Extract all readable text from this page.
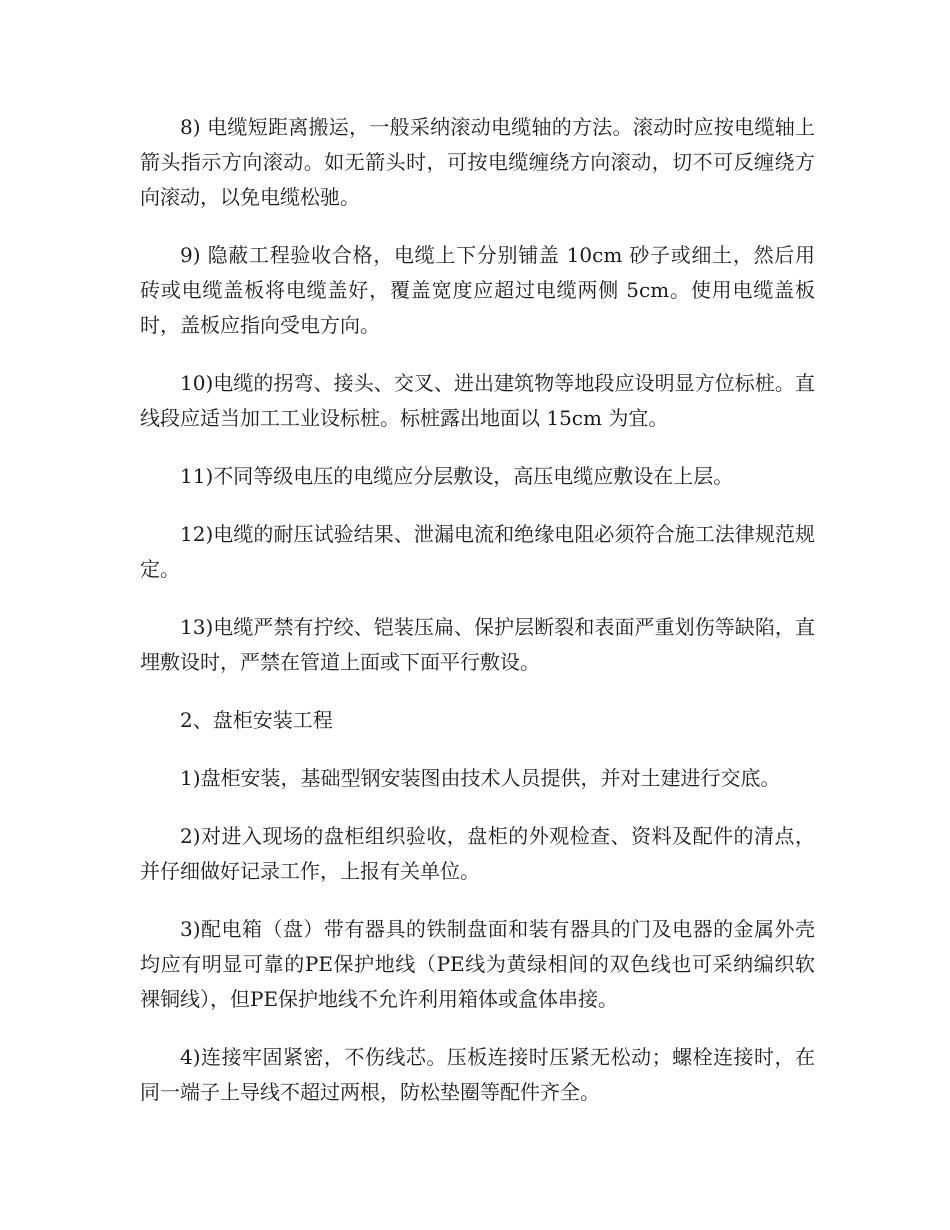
8) 电缆短距离搬运，一般采纳滚动电缆轴的方法。滚动时应按电缆轴上箭头指示方向滚动。如无箭头时，可按电缆缠绕方向滚动，切不可反缠绕方向滚动，以免电缆松驰。

9) 隐蔽工程验收合格，电缆上下分别铺盖 10cm 砂子或细土，然后用砖或电缆盖板将电缆盖好，覆盖宽度应超过电缆两侧 5cm。使用电缆盖板时，盖板应指向受电方向。

10)电缆的拐弯、接头、交叉、进出建筑物等地段应设明显方位标桩。直线段应适当加工工业设标桩。标桩露出地面以 15cm 为宜。

11)不同等级电压的电缆应分层敷设，高压电缆应敷设在上层。

12)电缆的耐压试验结果、泄漏电流和绝缘电阻必须符合施工法律规范规定。

13)电缆严禁有拧绞、铠装压扁、保护层断裂和表面严重划伤等缺陷，直埋敷设时，严禁在管道上面或下面平行敷设。

2、盘柜安装工程

1)盘柜安装，基础型钢安装图由技术人员提供，并对土建进行交底。

2)对进入现场的盘柜组织验收，盘柜的外观检查、资料及配件的清点，并仔细做好记录工作，上报有关单位。

3)配电箱（盘）带有器具的铁制盘面和装有器具的门及电器的金属外壳均应有明显可靠的PE保护地线（PE线为黄绿相间的双色线也可采纳编织软裸铜线），但PE保护地线不允许利用箱体或盒体串接。

4)连接牢固紧密，不伤线芯。压板连接时压紧无松动；螺栓连接时，在同一端子上导线不超过两根，防松垫圈等配件齐全。
